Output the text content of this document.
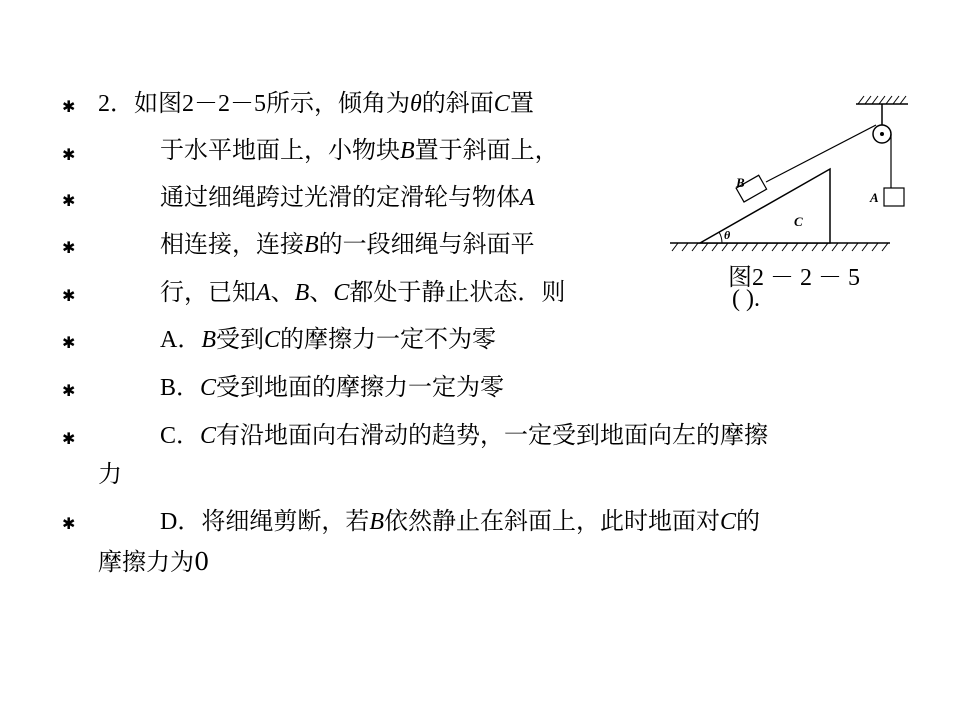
✱
✱
✱
✱
✱
✱
✱
✱
✱
2．如图2－2－5所示，倾角为θ的斜面C置
于水平地面上，小物块B置于斜面上，
通过细绳跨过光滑的定滑轮与物体A
相连接，连接B的一段细绳与斜面平
行，已知A、B、C都处于静止状态．则
A．B受到C的摩擦力一定不为零
B．C受到地面的摩擦力一定为零
C．C有沿地面向右滑动的趋势，一定受到地面向左的摩擦
力
D．将细绳剪断，若B依然静止在斜面上，此时地面对C的
摩擦力为0
A
C
θ
B
图2 － 2 － 5
( ).
